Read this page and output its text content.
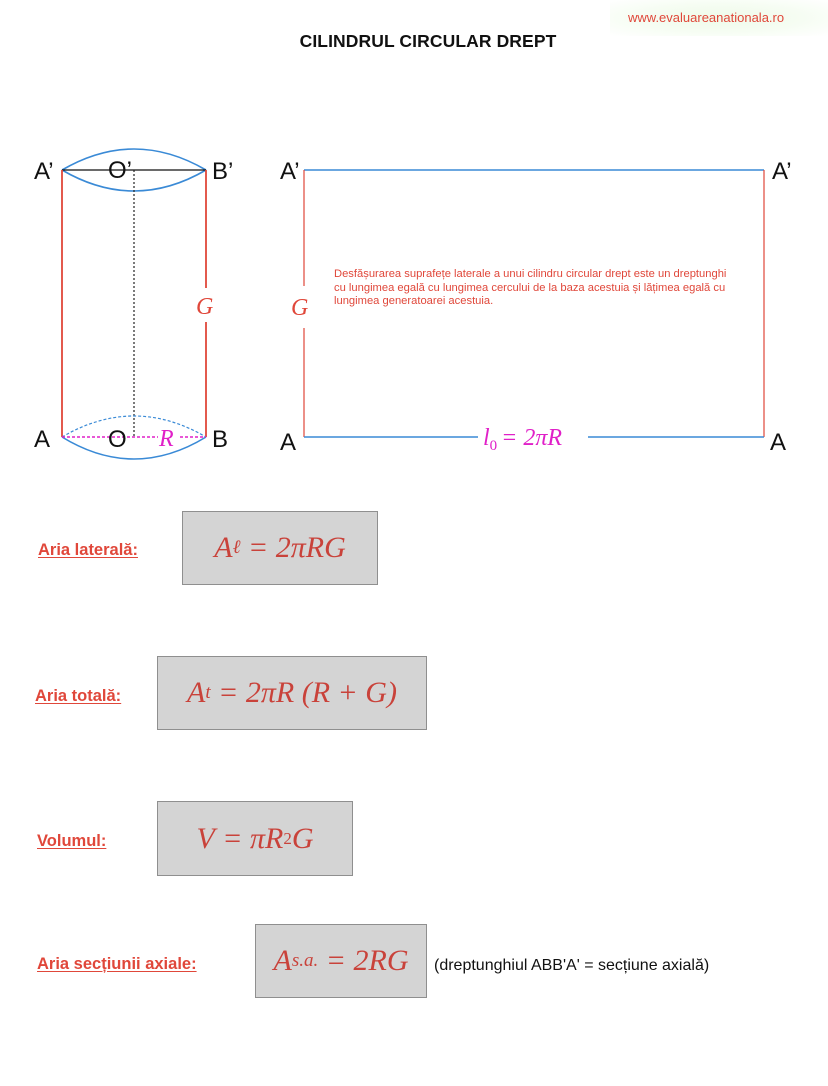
www.evaluareanationala.ro
CILINDRUL CIRCULAR DREPT
A’ O’	B’
G
A O R B
A’	A’
A	A
G
$l_0 = 2\pi R$
Desfășurarea suprafețe laterale a unui cilindru circular drept este un dreptunghi cu lungimea egală cu lungimea cercului de la baza acestuia și lățimea egală cu lungimea generatoarei acestuia.
Aria laterală:	A ℓ
= 2πRG
Aria totală: A t
= 2πR (R + G)
Volumul:	V
= πR 2 G
Aria secțiunii axiale:	A s.a.
= 2RG (dreptunghiul ABB'A' = secțiune axială)
